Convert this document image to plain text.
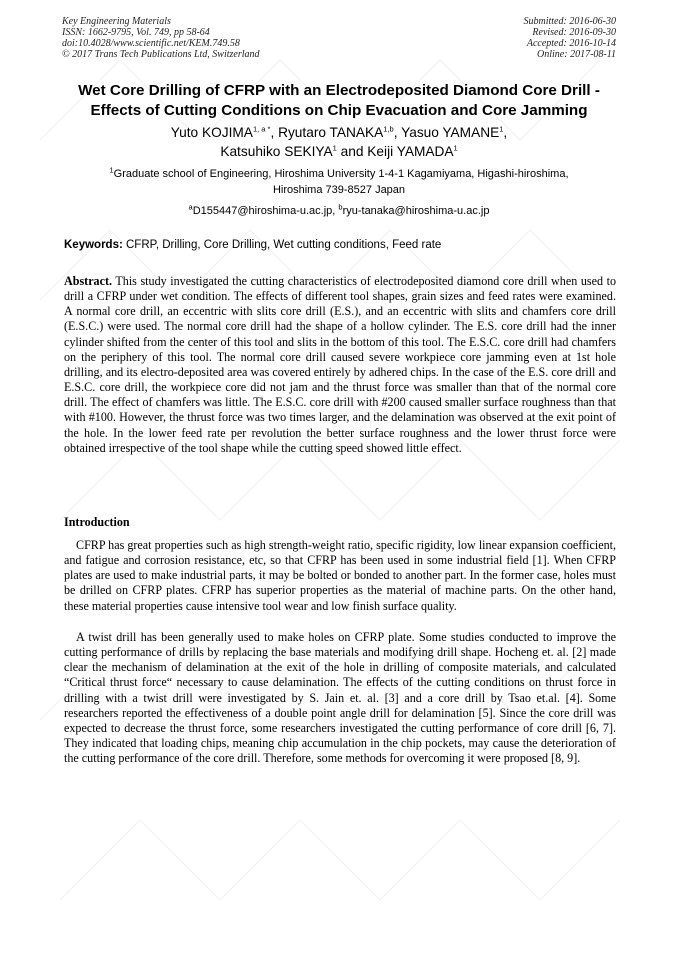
Key Engineering Materials
ISSN: 1662-9795, Vol. 749, pp 58-64
doi:10.4028/www.scientific.net/KEM.749.58
© 2017 Trans Tech Publications Ltd, Switzerland
Submitted: 2016-06-30
Revised: 2016-09-30
Accepted: 2016-10-14
Online: 2017-08-11
Wet Core Drilling of CFRP with an Electrodeposited Diamond Core Drill -
Effects of Cutting Conditions on Chip Evacuation and Core Jamming
Yuto $KOJIMA^{1, a *}$, Ryutaro TANAKA$^{1,b}$, Yasuo YAMANE$^1$,
Katsuhiko SEKIYA$^1$ and Keiji YAMADA$^1$
$^1$Graduate school of Engineering, Hiroshima University 1-4-1 Kagamiyama, Higashi-hiroshima,
Hiroshima 739-8527 Japan
$^a$D155447@hiroshima-u.ac.jp, $^b$ryu-tanaka@hiroshima-u.ac.jp
Keywords: CFRP, Drilling, Core Drilling, Wet cutting conditions, Feed rate
Abstract. This study investigated the cutting characteristics of electrodeposited diamond core drill when used to drill a CFRP under wet condition. The effects of different tool shapes, grain sizes and feed rates were examined. A normal core drill, an eccentric with slits core drill (E.S.), and an eccentric with slits and chamfers core drill (E.S.C.) were used. The normal core drill had the shape of a hollow cylinder. The E.S. core drill had the inner cylinder shifted from the center of this tool and slits in the bottom of this tool. The E.S.C. core drill had chamfers on the periphery of this tool. The normal core drill caused severe workpiece core jamming even at 1st hole drilling, and its electro-deposited area was covered entirely by adhered chips. In the case of the E.S. core drill and E.S.C. core drill, the workpiece core did not jam and the thrust force was smaller than that of the normal core drill. The effect of chamfers was little. The E.S.C. core drill with #200 caused smaller surface roughness than that with #100. However, the thrust force was two times larger, and the delamination was observed at the exit point of the hole. In the lower feed rate per revolution the better surface roughness and the lower thrust force were obtained irrespective of the tool shape while the cutting speed showed little effect.
Introduction

CFRP has great properties such as high strength-weight ratio, specific rigidity, low linear expansion coefficient, and fatigue and corrosion resistance, etc, so that CFRP has been used in some industrial field [1]. When CFRP plates are used to make industrial parts, it may be bolted or bonded to another part. In the former case, holes must be drilled on CFRP plates. CFRP has superior properties as the material of machine parts. On the other hand, these material properties cause intensive tool wear and low finish surface quality.

A twist drill has been generally used to make holes on CFRP plate. Some studies conducted to improve the cutting performance of drills by replacing the base materials and modifying drill shape. Hocheng et. al. [2] made clear the mechanism of delamination at the exit of the hole in drilling of composite materials, and calculated “Critical thrust force“ necessary to cause delamination. The effects of the cutting conditions on thrust force in drilling with a twist drill were investigated by S. Jain et. al. [3] and a core drill by Tsao et.al. [4]. Some researchers reported the effectiveness of a double point angle drill for delamination [5]. Since the core drill was expected to decrease the thrust force, some researchers investigated the cutting performance of core drill [6, 7]. They indicated that loading chips, meaning chip accumulation in the chip pockets, may cause the deterioration of the cutting performance of the core drill. Therefore, some methods for overcoming it were proposed [8, 9].
